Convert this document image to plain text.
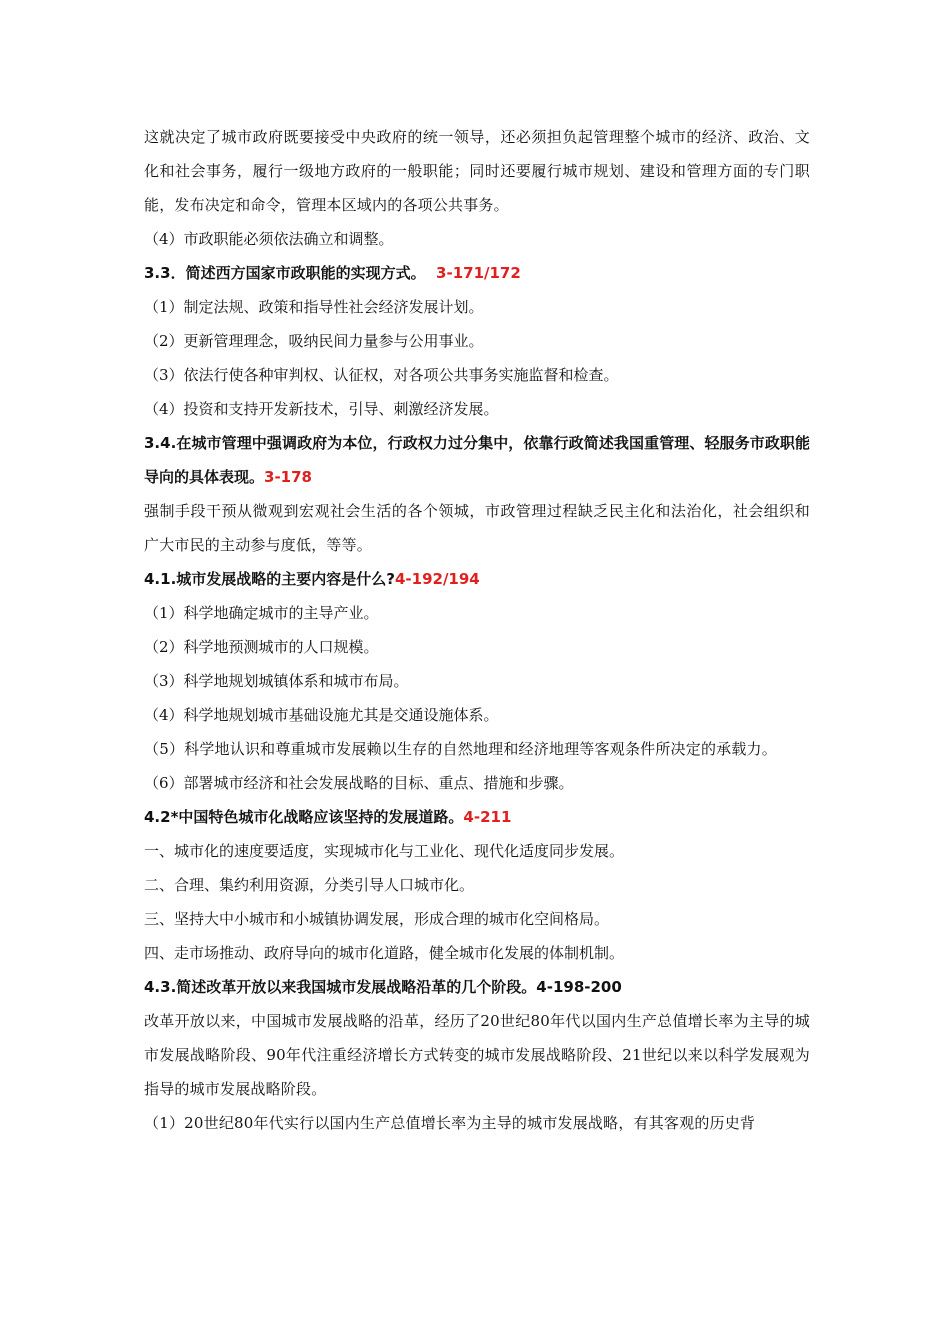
这就决定了城市政府既要接受中央政府的统一领导，还必须担负起管理整个城市的经济、政治、文化和社会事务，履行一级地方政府的一般职能；同时还要履行城市规划、建设和管理方面的专门职能，发布决定和命令，管理本区域内的各项公共事务。

（4）市政职能必须依法确立和调整。

3.3．简述西方国家市政职能的实现方式。 3-171/172

（1）制定法规、政策和指导性社会经济发展计划。

（2）更新管理理念，吸纳民间力量参与公用事业。

（3）依法行使各种审判权、认征权，对各项公共事务实施监督和检查。

（4）投资和支持开发新技术，引导、刺激经济发展。

3.4.在城市管理中强调政府为本位，行政权力过分集中，依靠行政简述我国重管理、轻服务市政职能导向的具体表现。3-178

强制手段干预从微观到宏观社会生活的各个领城，市政管理过程缺乏民主化和法治化，社会组织和广大市民的主动参与度低，等等。

4.1.城市发展战略的主要内容是什么?4-192/194

（1）科学地确定城市的主导产业。

（2）科学地预测城市的人口规模。

（3）科学地规划城镇体系和城市布局。

（4）科学地规划城市基础设施尤其是交通设施体系。

（5）科学地认识和尊重城市发展赖以生存的自然地理和经济地理等客观条件所决定的承载力。

（6）部署城市经济和社会发展战略的目标、重点、措施和步骤。

4.2*中国特色城市化战略应该坚持的发展道路。4-211

一、城市化的速度要适度，实现城市化与工业化、现代化适度同步发展。

二、合理、集约利用资源，分类引导人口城市化。

三、坚持大中小城市和小城镇协调发展，形成合理的城市化空间格局。

四、走市场推动、政府导向的城市化道路，健全城市化发展的体制机制。

4.3.简述改革开放以来我国城市发展战略沿革的几个阶段。4-198-200

改革开放以来，中国城市发展战略的沿革，经历了20世纪80年代以国内生产总值增长率为主导的城市发展战略阶段、90年代注重经济增长方式转变的城市发展战略阶段、21世纪以来以科学发展观为指导的城市发展战略阶段。

（1）20世纪80年代实行以国内生产总值增长率为主导的城市发展战略，有其客观的历史背
